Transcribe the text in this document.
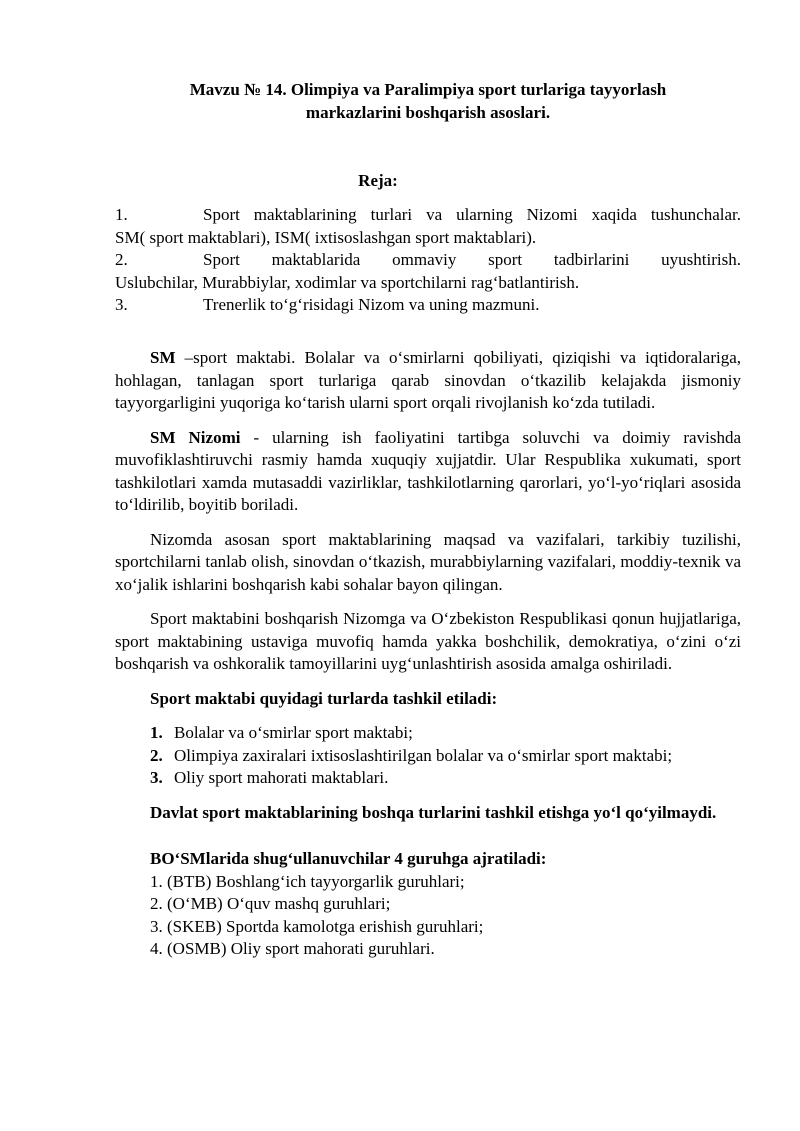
Mavzu № 14. Olimpiya va Paralimpiya sport turlariga tayyorlash
markazlarini boshqarish asoslari.
Reja:
1.	Sport maktablarining turlari va ularning Nizomi xaqida tushunchalar.
SM( sport maktablari), ISM( ixtisoslashgan sport maktablari).
2.	Sport maktablarida ommaviy sport tadbirlarini uyushtirish.
Uslubchilar, Murabbiylar, xodimlar va sportchilarni rag‘batlantirish.
3.	Trenerlik to‘g‘risidagi Nizom va uning mazmuni.

SM –sport maktabi. Bolalar va o‘smirlarni qobiliyati, qiziqishi va iqtidoralariga, hohlagan, tanlagan sport turlariga qarab sinovdan o‘tkazilib kelajakda jismoniy tayyorgarligini yuqoriga ko‘tarish ularni sport orqali rivojlanish ko‘zda tutiladi.

SM Nizomi - ularning ish faoliyatini tartibga soluvchi va doimiy ravishda muvofiklashtiruvchi rasmiy hamda xuquqiy xujjatdir. Ular Respublika xukumati, sport tashkilotlari xamda mutasaddi vazirliklar, tashkilotlarning qarorlari, yo‘l-yo‘riqlari asosida to‘ldirilib, boyitib boriladi.

Nizomda asosan sport maktablarining maqsad va vazifalari, tarkibiy tuzilishi, sportchilarni tanlab olish, sinovdan o‘tkazish, murabbiylarning vazifalari, moddiy-texnik va xo‘jalik ishlarini boshqarish kabi sohalar bayon qilingan.

Sport maktabini boshqarish Nizomga va O‘zbekiston Respublikasi qonun hujjatlariga, sport maktabining ustaviga muvofiq hamda yakka boshchilik, demokratiya, o‘zini o‘zi boshqarish va oshkoralik tamoyillarini uyg‘unlashtirish asosida amalga oshiriladi.

Sport maktabi quyidagi turlarda tashkil etiladi:
1. Bolalar va o‘smirlar sport maktabi;
2. Olimpiya zaxiralari ixtisoslashtirilgan bolalar va o‘smirlar sport maktabi;
3. Oliy sport mahorati maktablari.
Davlat sport maktablarining boshqa turlarini tashkil etishga yo‘l qo‘yilmaydi.
BO‘SMlarida shug‘ullanuvchilar 4 guruhga ajratiladi:
1. (BTB) Boshlang‘ich tayyorgarlik guruhlari;
2. (O‘MB) O‘quv mashq guruhlari;
3. (SKEB) Sportda kamolotga erishish guruhlari;
4. (OSMB) Oliy sport mahorati guruhlari.
